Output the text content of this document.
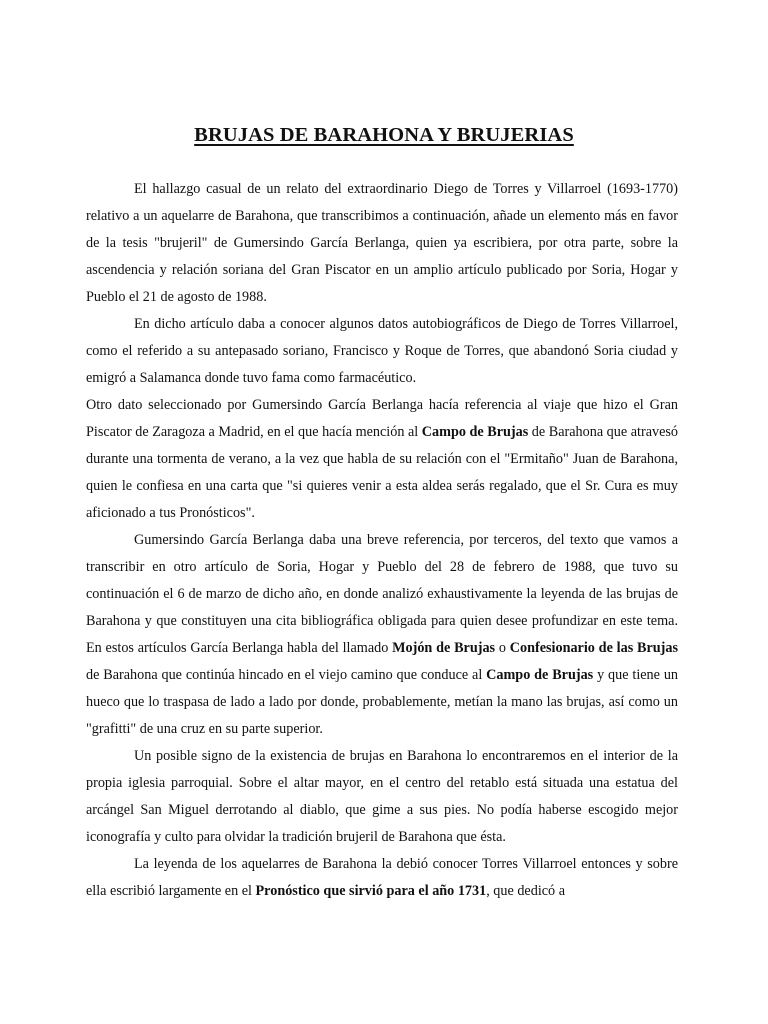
BRUJAS DE BARAHONA Y BRUJERIAS

El hallazgo casual de un relato del extraordinario Diego de Torres y Villarroel (1693-1770) relativo a un aquelarre de Barahona, que transcribimos a continuación, añade un elemento más en favor de la tesis "brujeril" de Gumersindo García Berlanga, quien ya escribiera, por otra parte, sobre la ascendencia y relación soriana del Gran Piscator en un amplio artículo publicado por Soria, Hogar y Pueblo el 21 de agosto de 1988.

En dicho artículo daba a conocer algunos datos autobiográficos de Diego de Torres Villarroel, como el referido a su antepasado soriano, Francisco y Roque de Torres, que abandonó Soria ciudad y emigró a Salamanca donde tuvo fama como farmacéutico.

Otro dato seleccionado por Gumersindo García Berlanga hacía referencia al viaje que hizo el Gran Piscator de Zaragoza a Madrid, en el que hacía mención al Campo de Brujas de Barahona que atravesó durante una tormenta de verano, a la vez que habla de su relación con el "Ermitaño" Juan de Barahona, quien le confiesa en una carta que "si quieres venir a esta aldea serás regalado, que el Sr. Cura es muy aficionado a tus Pronósticos".

Gumersindo García Berlanga daba una breve referencia, por terceros, del texto que vamos a transcribir en otro artículo de Soria, Hogar y Pueblo del 28 de febrero de 1988, que tuvo su continuación el 6 de marzo de dicho año, en donde analizó exhaustivamente la leyenda de las brujas de Barahona y que constituyen una cita bibliográfica obligada para quien desee profundizar en este tema. En estos artículos García Berlanga habla del llamado Mojón de Brujas o Confesionario de las Brujas de Barahona que continúa hincado en el viejo camino que conduce al Campo de Brujas y que tiene un hueco que lo traspasa de lado a lado por donde, probablemente, metían la mano las brujas, así como un "grafitti" de una cruz en su parte superior.

Un posible signo de la existencia de brujas en Barahona lo encontraremos en el interior de la propia iglesia parroquial. Sobre el altar mayor, en el centro del retablo está situada una estatua del arcángel San Miguel derrotando al diablo, que gime a sus pies. No podía haberse escogido mejor iconografía y culto para olvidar la tradición brujeril de Barahona que ésta.

La leyenda de los aquelarres de Barahona la debió conocer Torres Villarroel entonces y sobre ella escribió largamente en el Pronóstico que sirvió para el año 1731, que dedicó a
